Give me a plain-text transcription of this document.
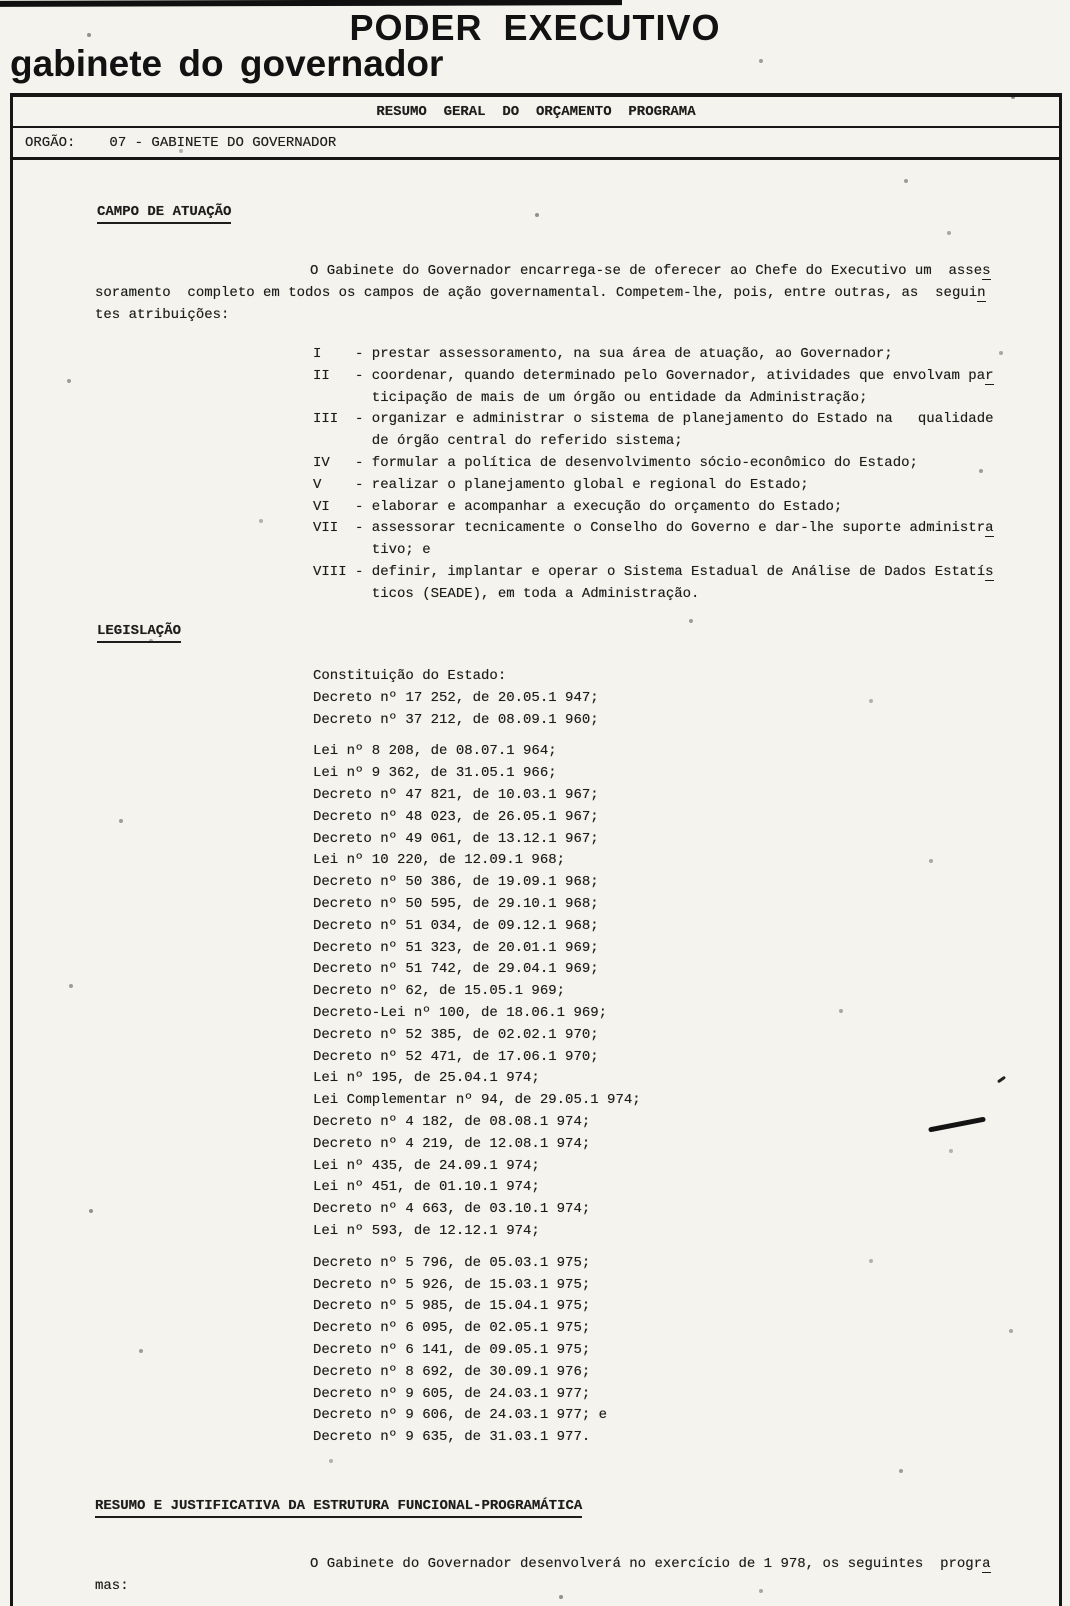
PODER EXECUTIVO
gabinete do governador
RESUMO  GERAL  DO  ORÇAMENTO  PROGRAMA
ORGÃO: 07 - GABINETE DO GOVERNADOR
CAMPO DE ATUAÇÃO
O Gabinete do Governador encarrega-se de oferecer ao Chefe do Executivo um  asses
soramento  completo em todos os campos de ação governamental. Competem-lhe, pois, entre outras, as  seguin
tes atribuições:
I	- prestar assessoramento, na sua área de atuação, ao Governador;
II	- coordenar, quando determinado pelo Governador, atividades que envolvam par
ticipação de mais de um órgão ou entidade da Administração;
III	- organizar e administrar o sistema de planejamento do Estado na   qualidade
de órgão central do referido sistema;
IV	- formular a política de desenvolvimento sócio-econômico do Estado;
V	- realizar o planejamento global e regional do Estado;
VI	- elaborar e acompanhar a execução do orçamento do Estado;
VII	- assessorar tecnicamente o Conselho do Governo e dar-lhe suporte administra
tivo; e
VIII - definir, implantar e operar o Sistema Estadual de Análise de Dados Estatís
ticos (SEADE), em toda a Administração.
LEGISLAÇÃO
Constituição do Estado:
Decreto nº 17 252, de 20.05.1 947;
Decreto nº 37 212, de 08.09.1 960;
Lei nº 8 208, de 08.07.1 964;
Lei nº 9 362, de 31.05.1 966;
Decreto nº 47 821, de 10.03.1 967;
Decreto nº 48 023, de 26.05.1 967;
Decreto nº 49 061, de 13.12.1 967;
Lei nº 10 220, de 12.09.1 968;
Decreto nº 50 386, de 19.09.1 968;
Decreto nº 50 595, de 29.10.1 968;
Decreto nº 51 034, de 09.12.1 968;
Decreto nº 51 323, de 20.01.1 969;
Decreto nº 51 742, de 29.04.1 969;
Decreto nº 62, de 15.05.1 969;
Decreto-Lei nº 100, de 18.06.1 969;
Decreto nº 52 385, de 02.02.1 970;
Decreto nº 52 471, de 17.06.1 970;
Lei nº 195, de 25.04.1 974;
Lei Complementar nº 94, de 29.05.1 974;
Decreto nº 4 182, de 08.08.1 974;
Decreto nº 4 219, de 12.08.1 974;
Lei nº 435, de 24.09.1 974;
Lei nº 451, de 01.10.1 974;
Decreto nº 4 663, de 03.10.1 974;
Lei nº 593, de 12.12.1 974;
Decreto nº 5 796, de 05.03.1 975;
Decreto nº 5 926, de 15.03.1 975;
Decreto nº 5 985, de 15.04.1 975;
Decreto nº 6 095, de 02.05.1 975;
Decreto nº 6 141, de 09.05.1 975;
Decreto nº 8 692, de 30.09.1 976;
Decreto nº 9 605, de 24.03.1 977;
Decreto nº 9 606, de 24.03.1 977; e
Decreto nº 9 635, de 31.03.1 977.
RESUMO E JUSTIFICATIVA DA ESTRUTURA FUNCIONAL-PROGRAMÁTICA
O Gabinete do Governador desenvolverá no exercício de 1 978, os seguintes  progra
mas:
